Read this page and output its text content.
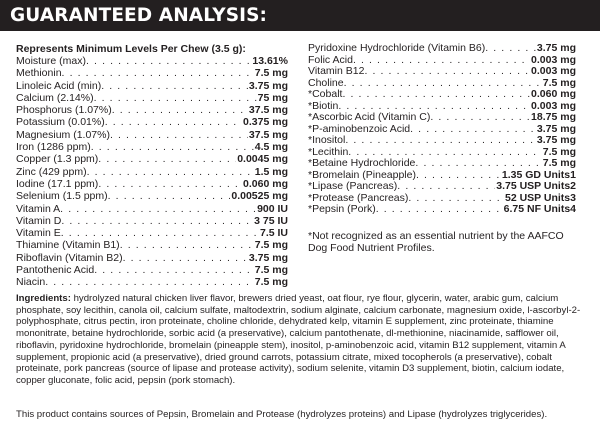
GUARANTEED ANALYSIS:
Represents Minimum Levels Per Chew (3.5 g):
Moisture (max) . . .	13.61%
Methionin . . .	7.5 mg
Linoleic Acid (min) . . .	3.75 mg
Calcium (2.14%) . . .	75 mg
Phosphorus (1.07%) . . .	37.5 mg
Potassium (0.01%) . . .	0.375 mg
Magnesium (1.07%) . . .	37.5 mg
Iron (1286 ppm) . . .	4.5 mg
Copper (1.3 ppm) . . .	0.0045 mg
Zinc (429 ppm) . . .	1.5 mg
Iodine (17.1 ppm) . . .	0.060 mg
Selenium (1.5 ppm) . . .	0.00525 mg
Vitamin A . . .	900 IU
Vitamin D . . .	3 75 IU
Vitamin E . . .	7.5 IU
Thiamine (Vitamin B1) . . .	7.5 mg
Riboflavin (Vitamin B2) . . .	3.75 mg
Pantothenic Acid . . .	7.5 mg
Niacin . . .	7.5 mg
Pyridoxine Hydrochloride (Vitamin B6) . . .	3.75 mg
Folic Acid . . .	0.003 mg
Vitamin B12 . . .	0.003 mg
Choline . . .	7.5 mg
*Cobalt . . .	0.060 mg
*Biotin . . .	0.003 mg
*Ascorbic Acid (Vitamin C) . . .	18.75 mg
*P-aminobenzoic Acid . . .	3.75 mg
*Inositol . . .	3.75 mg
*Lecithin . . .	7.5 mg
*Betaine Hydrochloride . . .	7.5 mg
*Bromelain (Pineapple) . . .	1.35 GD Units1
*Lipase (Pancreas) . . .	3.75 USP Units2
*Protease (Pancreas) . . .	52 USP Units3
*Pepsin (Pork) . . .	6.75 NF Units4
*Not recognized as an essential nutrient by the AAFCO Dog Food Nutrient Profiles.
Ingredients: hydrolyzed natural chicken liver flavor, brewers dried yeast, oat flour, rye flour, glycerin, water, arabic gum, calcium phosphate, soy lecithin, canola oil, calcium sulfate, maltodextrin, sodium alginate, calcium carbonate, magnesium oxide, l-ascorbyl-2-polyphosphate, citrus pectin, iron proteinate, choline chloride, dehydrated kelp, vitamin E supplement, zinc proteinate, thiamine mononitrate, betaine hydrochloride, sorbic acid (a preservative), calcium pantothenate, dl-methionine, niacinamide, safflower oil, riboflavin, pyridoxine hydrochloride, bromelain (pineapple stem), inositol, p-aminobenzoic acid, vitamin B12 supplement, vitamin A supplement, propionic acid (a preservative), dried ground carrots, potassium citrate, mixed tocopherols (a preservative), cobalt proteinate, pork pancreas (source of lipase and protease activity), sodium selenite, vitamin D3 supplement, biotin, calcium iodate, copper gluconate, folic acid, pepsin (pork stomach).
This product contains sources of Pepsin, Bromelain and Protease (hydrolyzes proteins) and Lipase (hydrolyzes triglycerides).
